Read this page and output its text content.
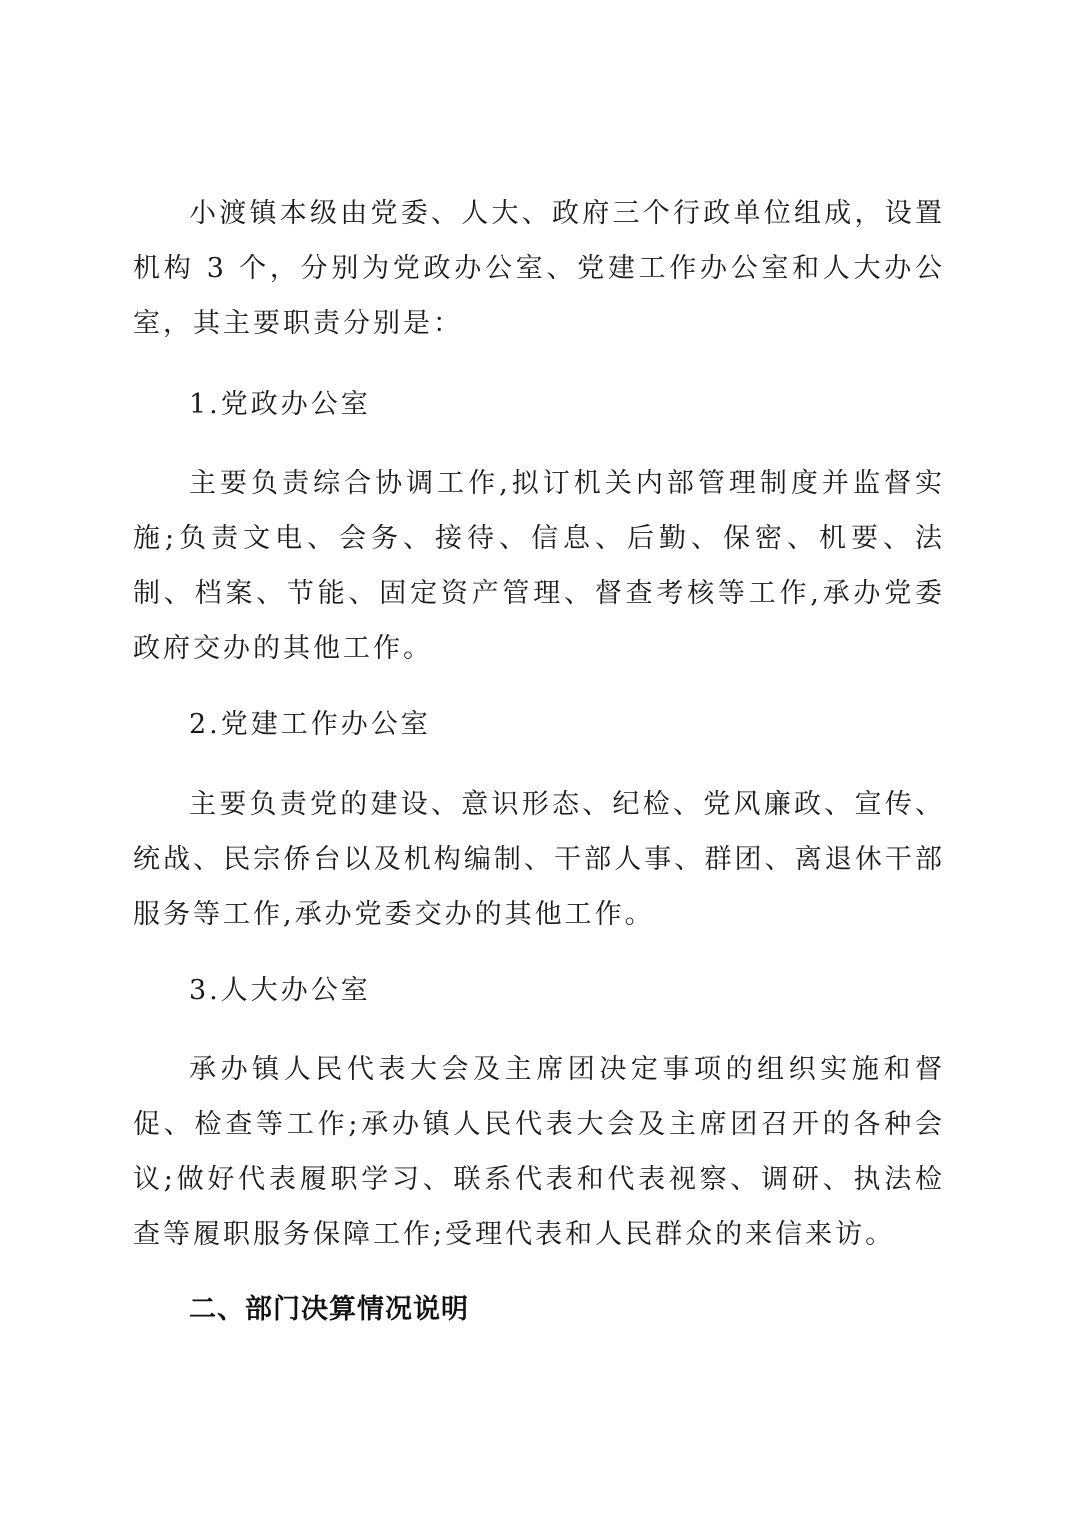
小渡镇本级由党委、人大、政府三个行政单位组成，设置机构 3 个，分别为党政办公室、党建工作办公室和人大办公室，其主要职责分别是：

1.党政办公室

主要负责综合协调工作,拟订机关内部管理制度并监督实施;负责文电、会务、接待、信息、后勤、保密、机要、法制、档案、节能、固定资产管理、督查考核等工作,承办党委政府交办的其他工作。

2.党建工作办公室

主要负责党的建设、意识形态、纪检、党风廉政、宣传、统战、民宗侨台以及机构编制、干部人事、群团、离退休干部服务等工作,承办党委交办的其他工作。

3.人大办公室

承办镇人民代表大会及主席团决定事项的组织实施和督促、检查等工作;承办镇人民代表大会及主席团召开的各种会议;做好代表履职学习、联系代表和代表视察、调研、执法检查等履职服务保障工作;受理代表和人民群众的来信来访。

二、部门决算情况说明
